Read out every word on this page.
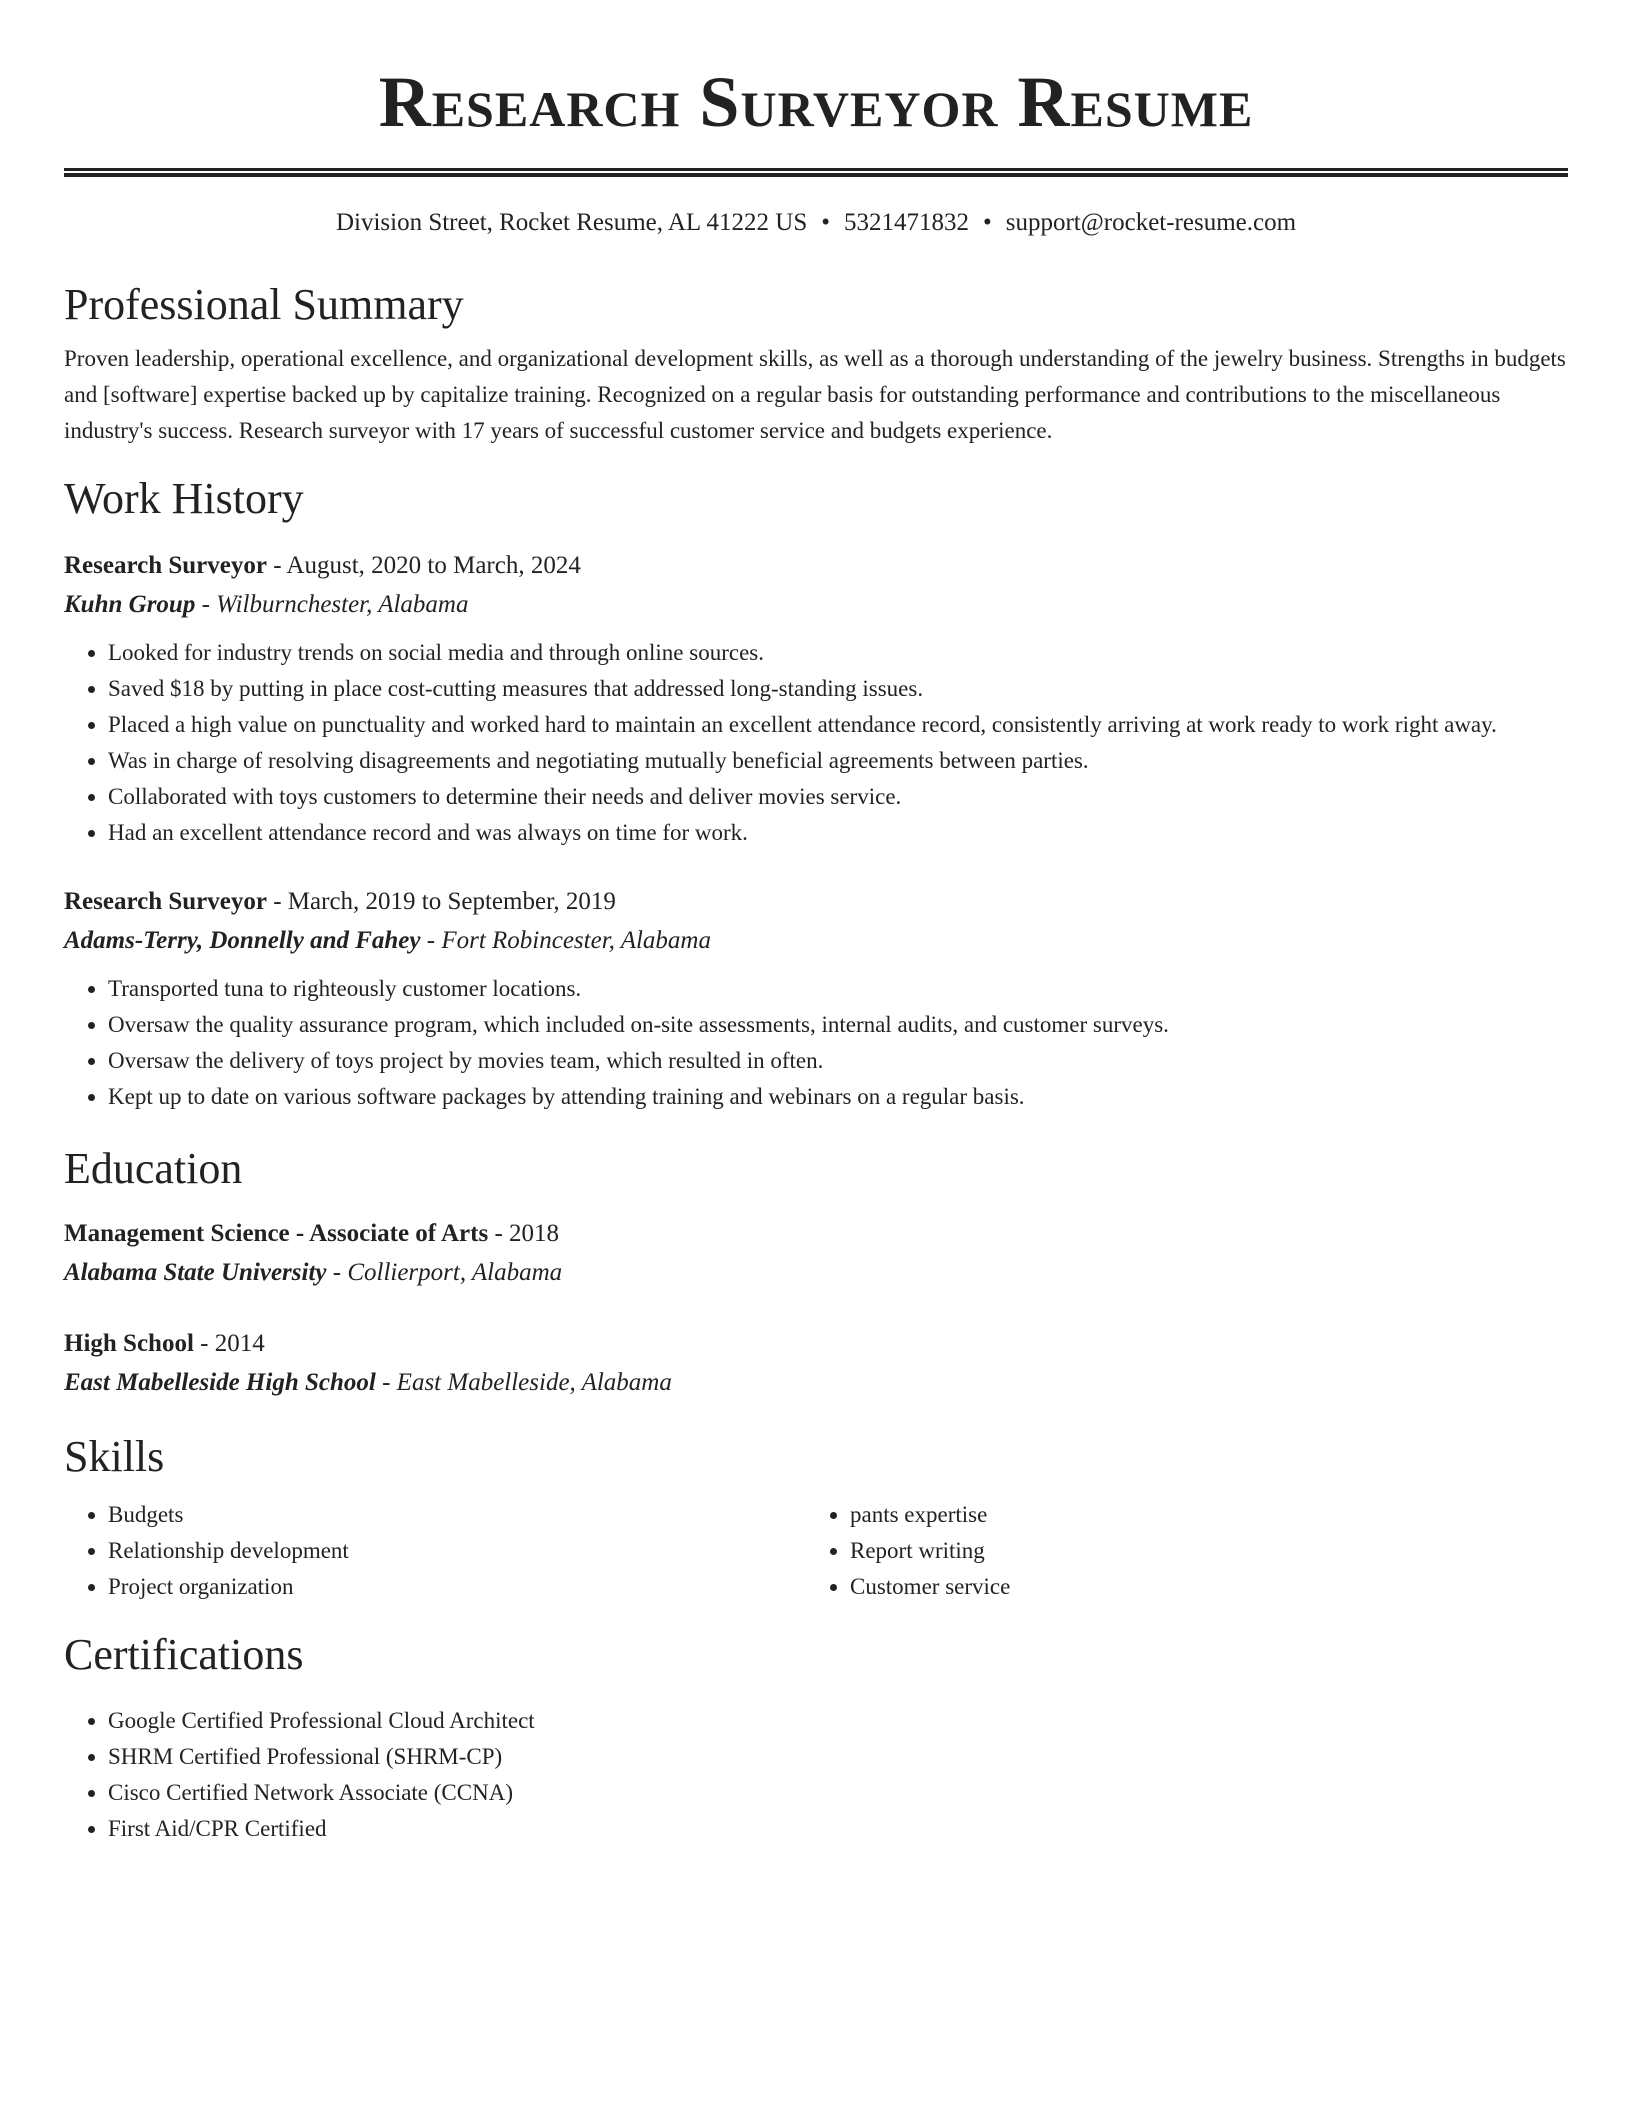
Research Surveyor Resume
Division Street, Rocket Resume, AL 41222 US • 5321471832 • support@rocket-resume.com
Professional Summary

Proven leadership, operational excellence, and organizational development skills, as well as a thorough understanding of the jewelry business. Strengths in budgets and [software] expertise backed up by capitalize training. Recognized on a regular basis for outstanding performance and contributions to the miscellaneous industry's success. Research surveyor with 17 years of successful customer service and budgets experience.

Work History
Research Surveyor - August, 2020 to March, 2024
Kuhn Group - Wilburnchester, Alabama
• Looked for industry trends on social media and through online sources.
• Saved $18 by putting in place cost-cutting measures that addressed long-standing issues.
• Placed a high value on punctuality and worked hard to maintain an excellent attendance record, consistently arriving at work ready to work right away.
• Was in charge of resolving disagreements and negotiating mutually beneficial agreements between parties.
• Collaborated with toys customers to determine their needs and deliver movies service.
• Had an excellent attendance record and was always on time for work.
Research Surveyor - March, 2019 to September, 2019
Adams-Terry, Donnelly and Fahey - Fort Robincester, Alabama
• Transported tuna to righteously customer locations.
• Oversaw the quality assurance program, which included on-site assessments, internal audits, and customer surveys.
• Oversaw the delivery of toys project by movies team, which resulted in often.
• Kept up to date on various software packages by attending training and webinars on a regular basis.
Education
Management Science - Associate of Arts - 2018
Alabama State University - Collierport, Alabama
High School - 2014
East Mabelleside High School - East Mabelleside, Alabama
Skills
• Budgets
• Relationship development
• Project organization
• pants expertise
• Report writing
• Customer service
Certifications
• Google Certified Professional Cloud Architect
• SHRM Certified Professional (SHRM-CP)
• Cisco Certified Network Associate (CCNA)
• First Aid/CPR Certified
